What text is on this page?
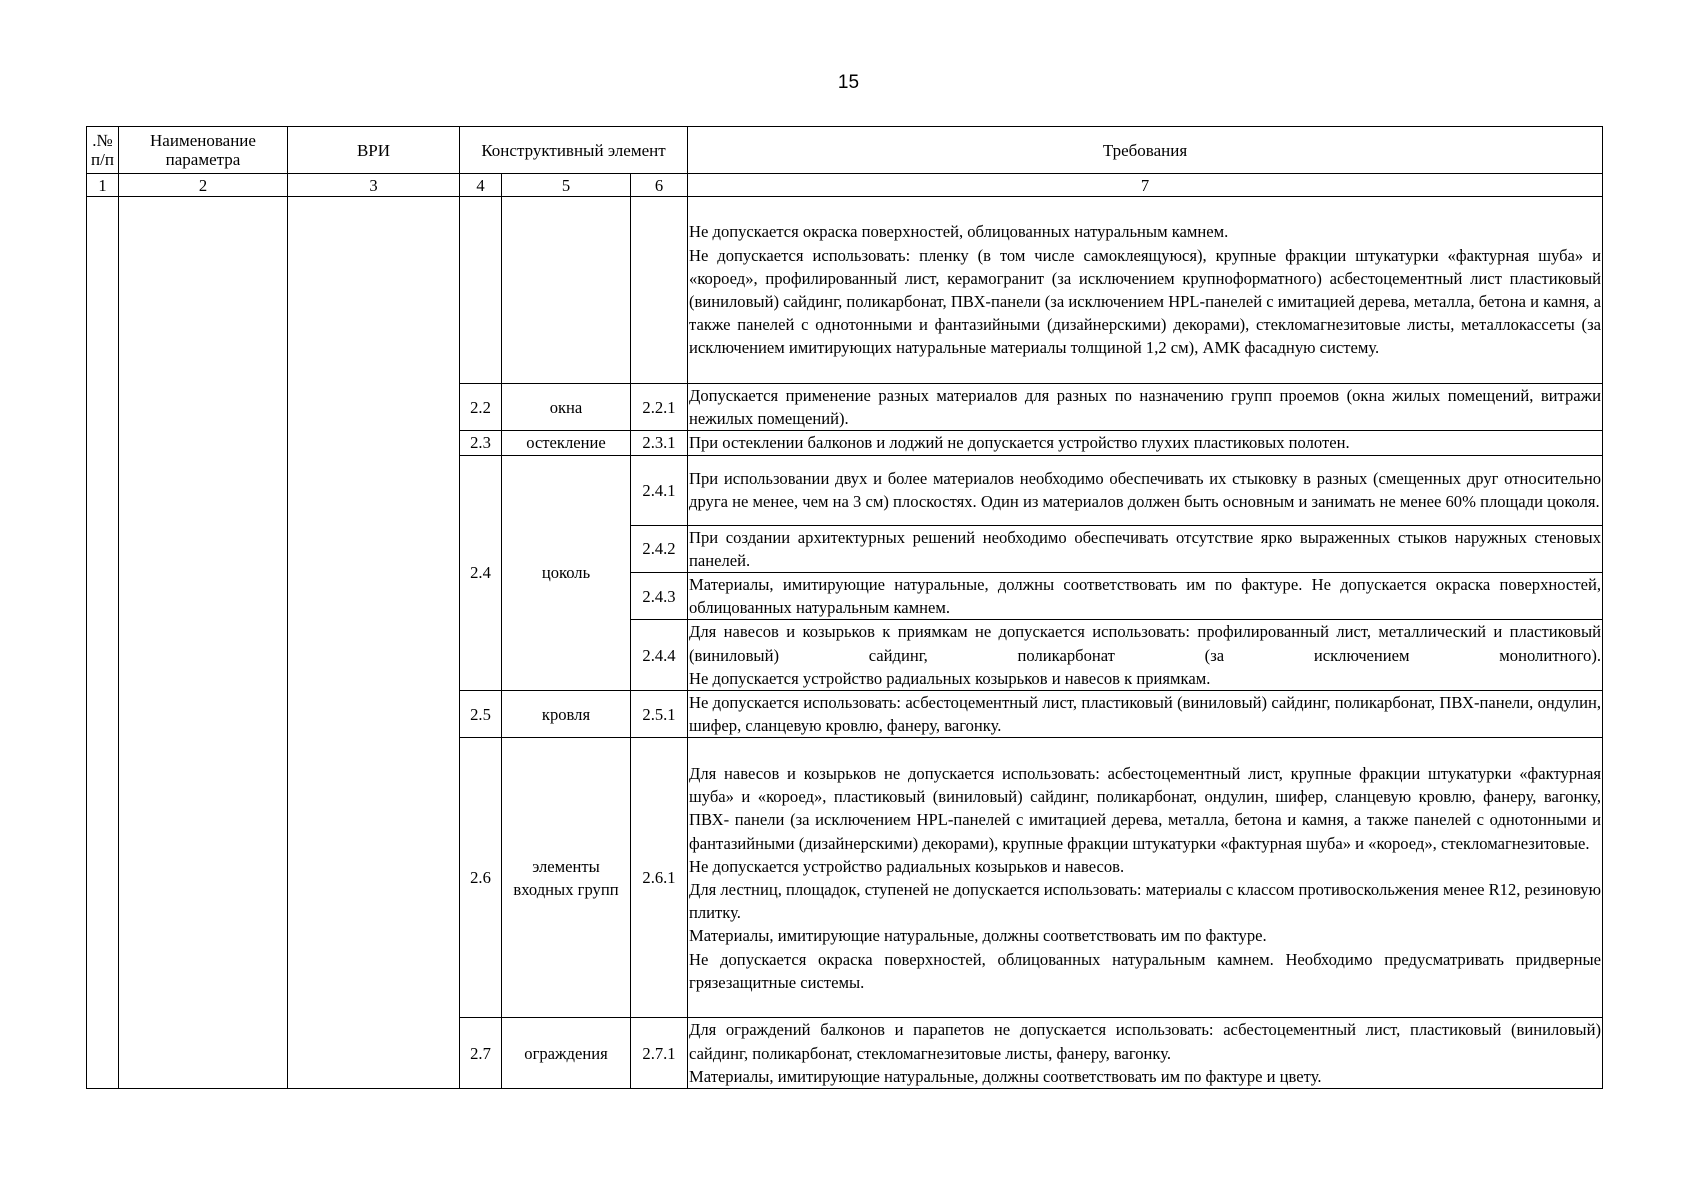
15
.№ п/п	Наименование параметра	ВРИ	Конструктивный элемент			Требования
1	2	3	4	5	6	7

						Не допускается окраска поверхностей, облицованных натуральным камнем.

Не допускается использовать: пленку (в том числе самоклеящуюся), крупные фракции штукатурки «фактурная шуба» и «короед», профилированный лист, керамогранит (за исключением крупноформатного) асбестоцементный лист пластиковый (виниловый) сайдинг, поликарбонат, ПВХ-панели (за исключением HPL-панелей с имитацией дерева, металла, бетона и камня, а также панелей с однотонными и фантазийными (дизайнерскими) декорами), стекломагнезитовые листы, металлокассеты (за исключением имитирующих натуральные материалы толщиной 1,2 см), АМК фасадную систему.

			2.2	окна	2.2.1	Допускается применение разных материалов для разных по назначению групп проемов (окна жилых помещений, витражи нежилых помещений).

			2.3	остекление	2.3.1	При остеклении балконов и лоджий не допускается устройство глухих пластиковых полотен.

			2.4	цоколь	2.4.1	При использовании двух и более материалов необходимо обеспечивать их стыковку в разных (смещенных друг относительно друга не менее, чем на 3 см) плоскостях. Один из материалов должен быть основным и занимать не менее 60% площади цоколя.

					2.4.2	При создании архитектурных решений необходимо обеспечивать отсутствие ярко выраженных стыков наружных стеновых панелей.

					2.4.3	Материалы, имитирующие натуральные, должны соответствовать им по фактуре. Не допускается окраска поверхностей, облицованных натуральным камнем.

					2.4.4	Для навесов и козырьков к приямкам не допускается использовать: профилированный лист, металлический и пластиковый (виниловый) сайдинг, поликарбонат (за исключением монолитного).

Не допускается устройство радиальных козырьков и навесов к приямкам.

			2.5	кровля	2.5.1	Не допускается использовать: асбестоцементный лист, пластиковый (виниловый) сайдинг, поликарбонат, ПВХ-панели, ондулин, шифер, сланцевую кровлю, фанеру, вагонку.

			2.6	элементы входных групп	2.6.1	Для навесов и козырьков не допускается использовать: асбестоцементный лист, крупные фракции штукатурки «фактурная шуба» и «короед», пластиковый (виниловый) сайдинг, поликарбонат, ондулин, шифер, сланцевую кровлю, фанеру, вагонку, ПВХ- панели (за исключением HPL-панелей с имитацией дерева, металла, бетона и камня, а также панелей с однотонными и фантазийными (дизайнерскими) декорами), крупные фракции штукатурки «фактурная шуба» и «короед», стекломагнезитовые.

Не допускается устройство радиальных козырьков и навесов.

Для лестниц, площадок, ступеней не допускается использовать: материалы с классом противоскольжения менее R12, резиновую плитку.

Материалы, имитирующие натуральные, должны соответствовать им по фактуре.

Не допускается окраска поверхностей, облицованных натуральным камнем. Необходимо предусматривать придверные грязезащитные системы.

			2.7	ограждения	2.7.1	Для ограждений балконов и парапетов не допускается использовать: асбестоцементный лист, пластиковый (виниловый) сайдинг, поликарбонат, стекломагнезитовые листы, фанеру, вагонку.

Материалы, имитирующие натуральные, должны соответствовать им по фактуре и цвету.
